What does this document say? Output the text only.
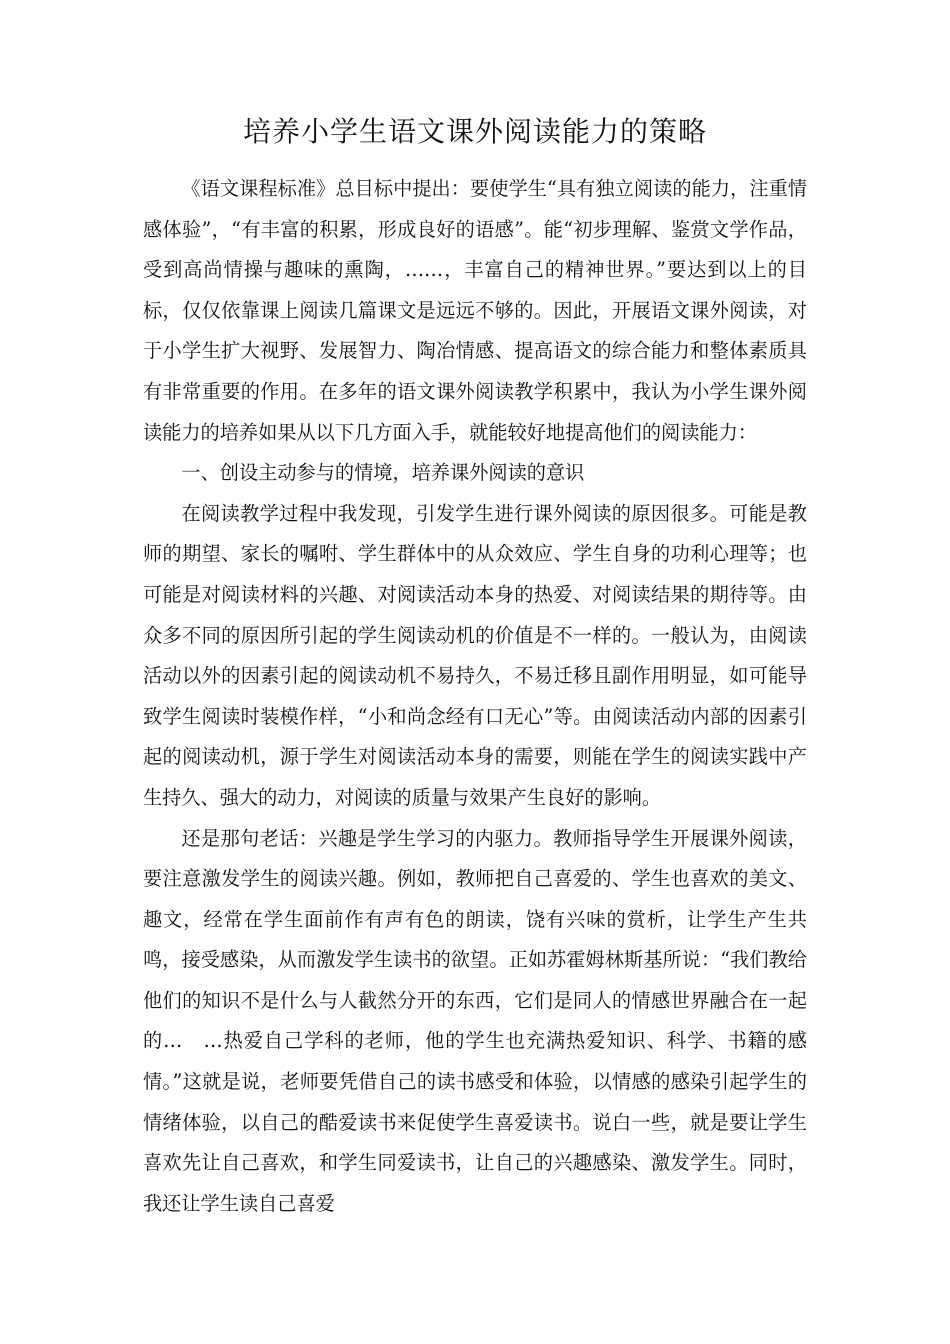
培养小学生语文课外阅读能力的策略

《语文课程标准》总目标中提出：要使学生“具有独立阅读的能力，注重情感体验”，“有丰富的积累，形成良好的语感”。能“初步理解、鉴赏文学作品，受到高尚情操与趣味的熏陶，……，丰富自己的精神世界。”要达到以上的目标，仅仅依靠课上阅读几篇课文是远远不够的。因此，开展语文课外阅读，对于小学生扩大视野、发展智力、陶冶情感、提高语文的综合能力和整体素质具有非常重要的作用。在多年的语文课外阅读教学积累中，我认为小学生课外阅读能力的培养如果从以下几方面入手，就能较好地提高他们的阅读能力：

一、创设主动参与的情境，培养课外阅读的意识

在阅读教学过程中我发现，引发学生进行课外阅读的原因很多。可能是教师的期望、家长的嘱咐、学生群体中的从众效应、学生自身的功利心理等；也可能是对阅读材料的兴趣、对阅读活动本身的热爱、对阅读结果的期待等。由众多不同的原因所引起的学生阅读动机的价值是不一样的。一般认为，由阅读活动以外的因素引起的阅读动机不易持久，不易迁移且副作用明显，如可能导致学生阅读时装模作样，“小和尚念经有口无心”等。由阅读活动内部的因素引起的阅读动机，源于学生对阅读活动本身的需要，则能在学生的阅读实践中产生持久、强大的动力，对阅读的质量与效果产生良好的影响。

还是那句老话：兴趣是学生学习的内驱力。教师指导学生开展课外阅读，要注意激发学生的阅读兴趣。例如，教师把自己喜爱的、学生也喜欢的美文、趣文，经常在学生面前作有声有色的朗读，饶有兴味的赏析，让学生产生共鸣，接受感染，从而激发学生读书的欲望。正如苏霍姆林斯基所说：“我们教给他们的知识不是什么与人截然分开的东西，它们是同人的情感世界融合在一起的…　…热爱自己学科的老师，他的学生也充满热爱知识、科学、书籍的感情。”这就是说，老师要凭借自己的读书感受和体验，以情感的感染引起学生的情绪体验，以自己的酷爱读书来促使学生喜爱读书。说白一些，就是要让学生喜欢先让自己喜欢，和学生同爱读书，让自己的兴趣感染、激发学生。同时，我还让学生读自己喜爱
